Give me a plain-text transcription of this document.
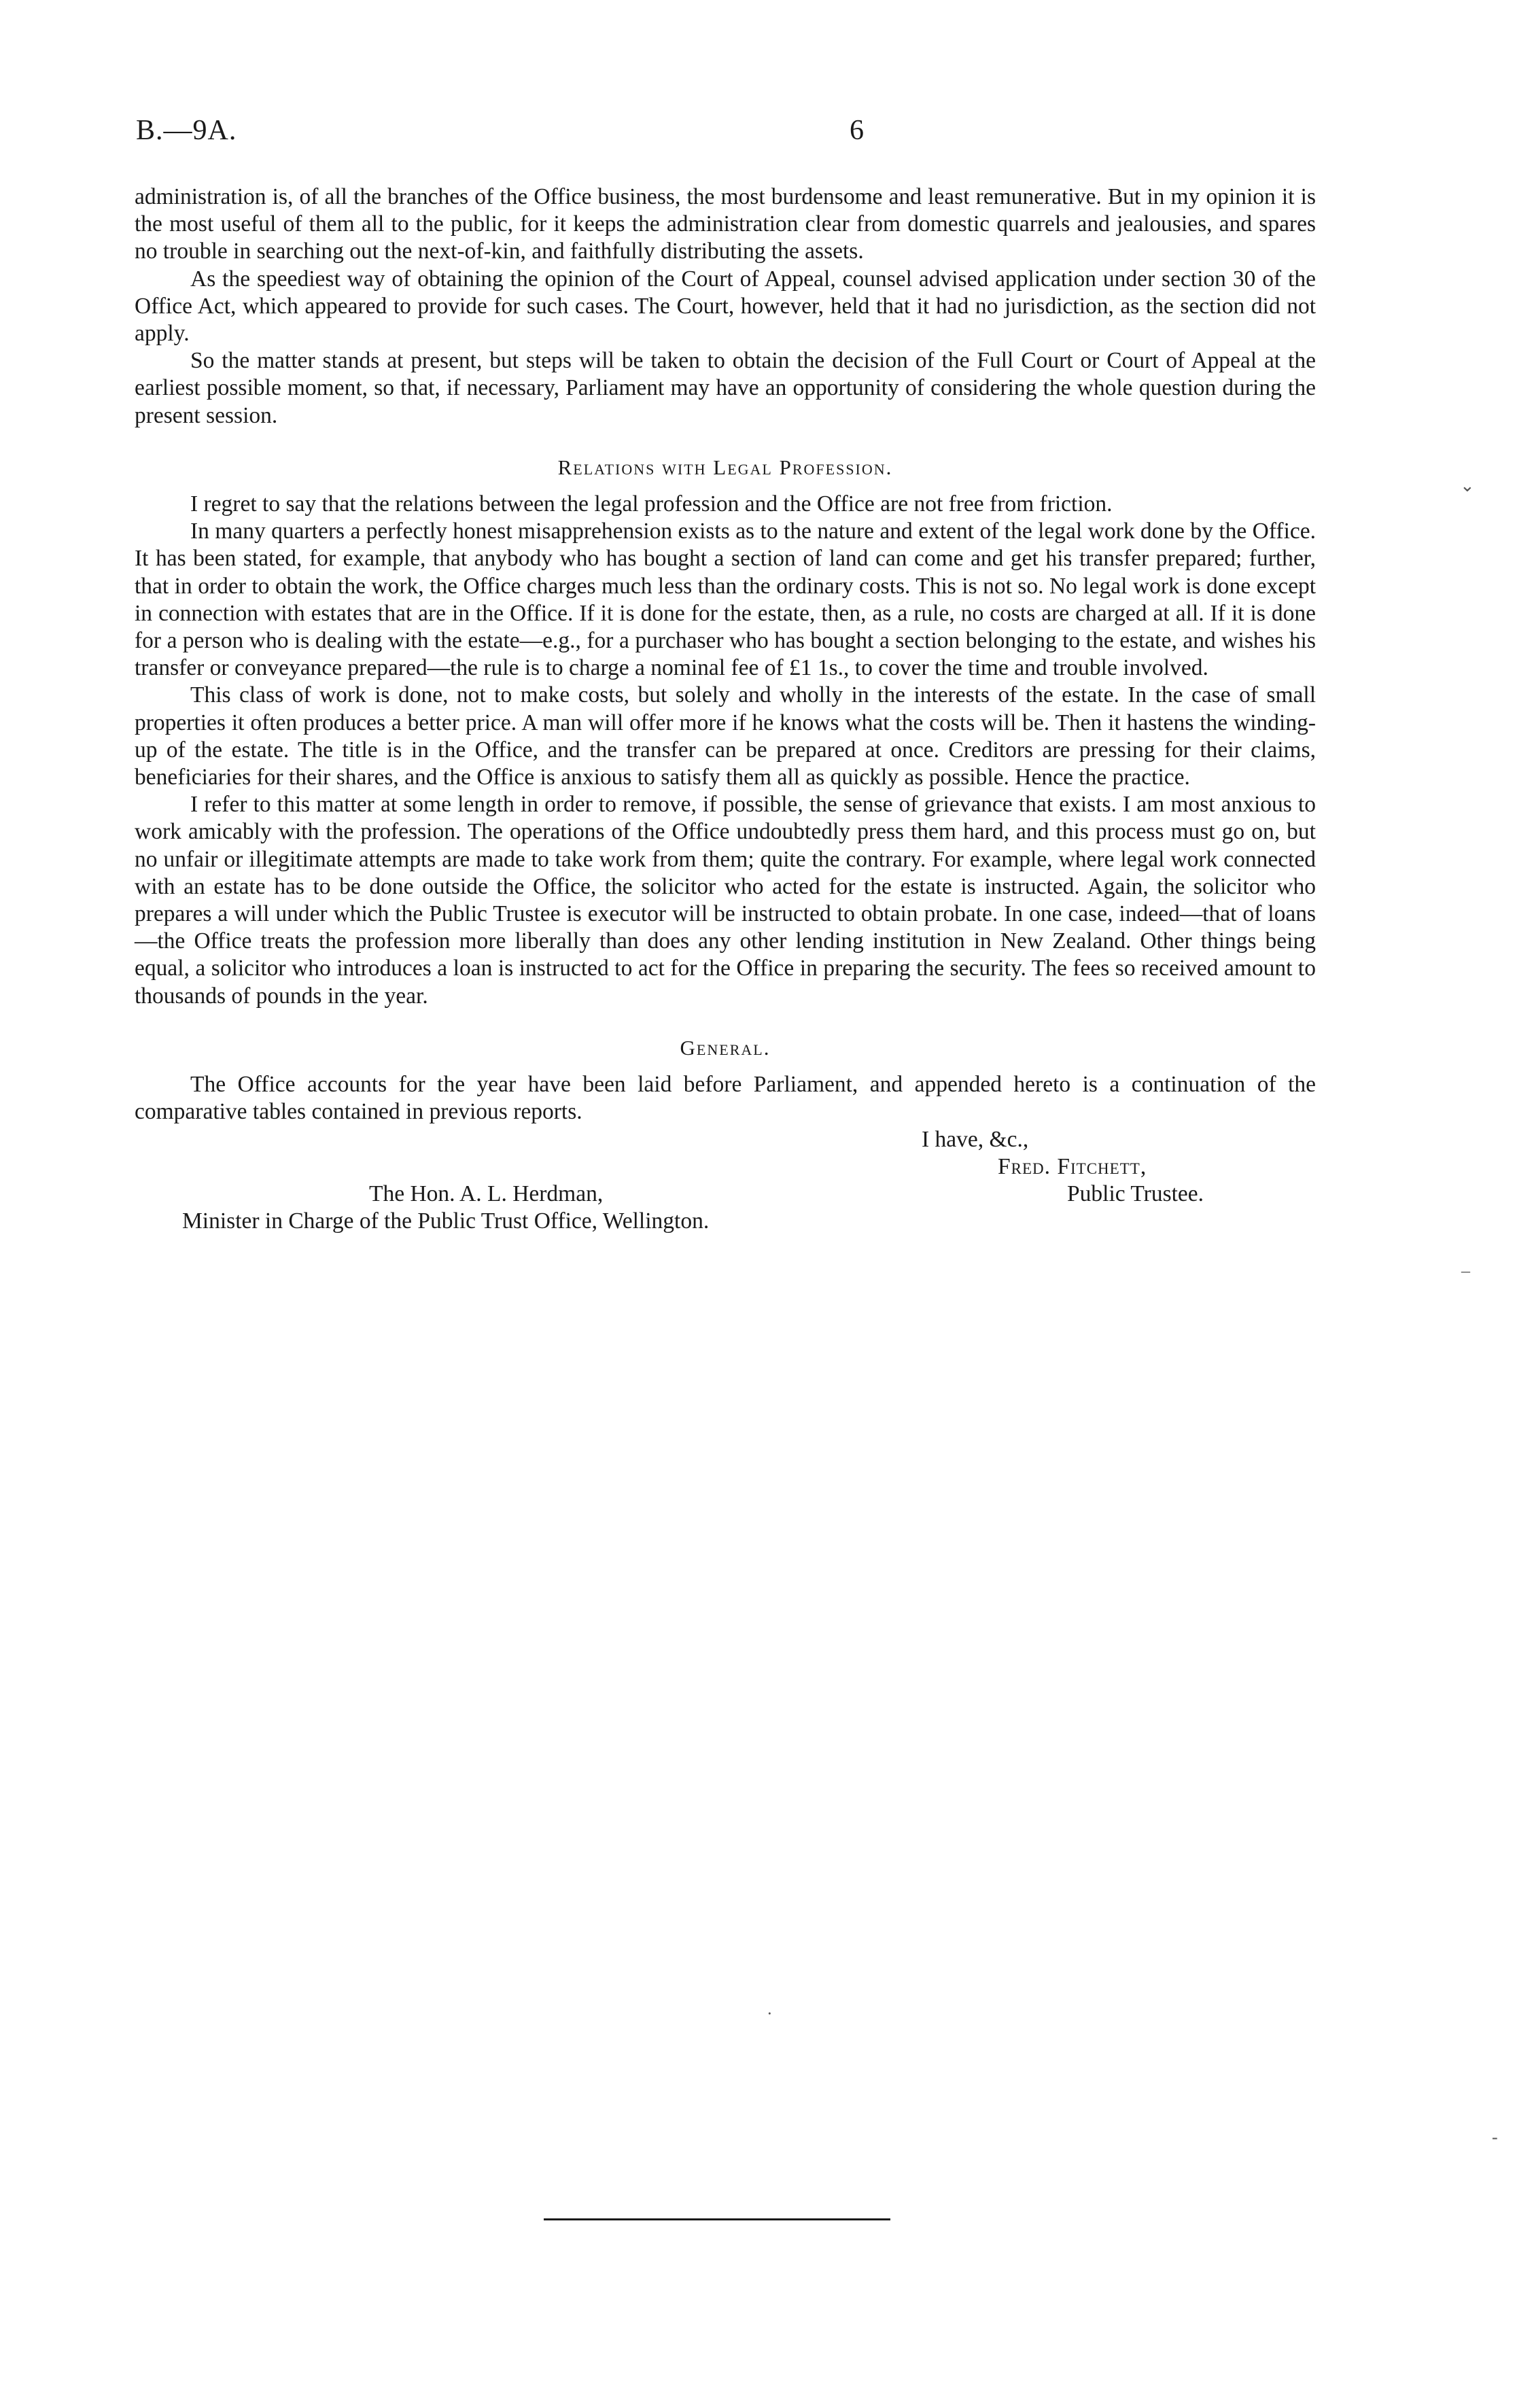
B.—9A.	6

administration is, of all the branches of the Office business, the most burdensome and least remunerative. But in my opinion it is the most useful of them all to the public, for it keeps the administration clear from domestic quarrels and jealousies, and spares no trouble in searching out the next-of-kin, and faithfully distributing the assets.

As the speediest way of obtaining the opinion of the Court of Appeal, counsel advised application under section 30 of the Office Act, which appeared to provide for such cases. The Court, however, held that it had no jurisdiction, as the section did not apply.

So the matter stands at present, but steps will be taken to obtain the decision of the Full Court or Court of Appeal at the earliest possible moment, so that, if necessary, Parliament may have an opportunity of considering the whole question during the present session.

Relations with Legal Profession.

I regret to say that the relations between the legal profession and the Office are not free from friction.

In many quarters a perfectly honest misapprehension exists as to the nature and extent of the legal work done by the Office. It has been stated, for example, that anybody who has bought a section of land can come and get his transfer prepared; further, that in order to obtain the work, the Office charges much less than the ordinary costs. This is not so. No legal work is done except in connection with estates that are in the Office. If it is done for the estate, then, as a rule, no costs are charged at all. If it is done for a person who is dealing with the estate—e.g., for a purchaser who has bought a section belonging to the estate, and wishes his transfer or conveyance prepared—the rule is to charge a nominal fee of £1 1s., to cover the time and trouble involved.

This class of work is done, not to make costs, but solely and wholly in the interests of the estate. In the case of small properties it often produces a better price. A man will offer more if he knows what the costs will be. Then it hastens the winding-up of the estate. The title is in the Office, and the transfer can be prepared at once. Creditors are pressing for their claims, beneficiaries for their shares, and the Office is anxious to satisfy them all as quickly as possible. Hence the practice.

I refer to this matter at some length in order to remove, if possible, the sense of grievance that exists. I am most anxious to work amicably with the profession. The operations of the Office undoubtedly press them hard, and this process must go on, but no unfair or illegitimate attempts are made to take work from them; quite the contrary. For example, where legal work connected with an estate has to be done outside the Office, the solicitor who acted for the estate is instructed. Again, the solicitor who prepares a will under which the Public Trustee is executor will be instructed to obtain probate. In one case, indeed—that of loans—the Office treats the profession more liberally than does any other lending institution in New Zealand. Other things being equal, a solicitor who introduces a loan is instructed to act for the Office in preparing the security. The fees so received amount to thousands of pounds in the year.

General.

The Office accounts for the year have been laid before Parliament, and appended hereto is a continuation of the comparative tables contained in previous reports.

I have, &c.,
Fred. Fitchett,
Public Trustee.
The Hon. A. L. Herdman,
Minister in Charge of the Public Trust Office, Wellington.
⌄
–
·
‐
